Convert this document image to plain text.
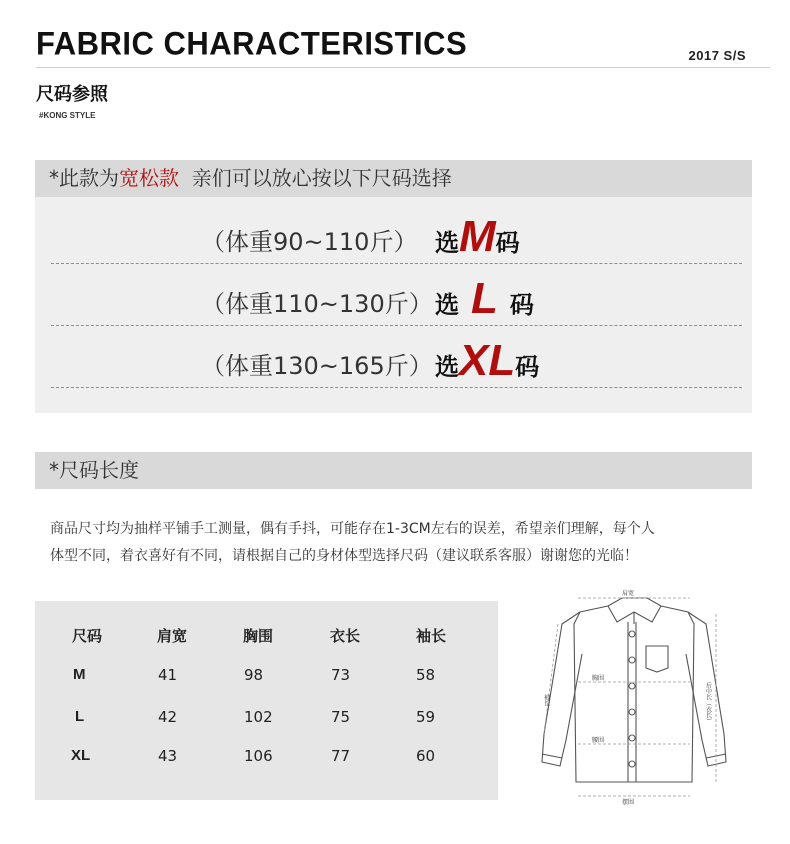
FABRIC CHARACTERISTICS	2017 S/S
尺码参照
#KONG STYLE
*此款为宽松款  亲们可以放心按以下尺码选择
（体重90~110斤） 选M码
（体重110~130斤） 选 L 码
（体重130~165斤） 选XL码
*尺码长度
商品尺寸均为抽样平铺手工测量，偶有手抖，可能存在1-3CM左右的误差，希望亲们理解，每个人
体型不同，着衣喜好有不同，请根据自己的身材体型选择尺码（建议联系客服）谢谢您的光临！
尺码	肩宽	胸围	衣长	袖长
M	41	98	73	58
L	42	102	75	59
XL	43	106	77	60
肩宽
胸围
腰围
摆围
袖长	后中长（衣长）
